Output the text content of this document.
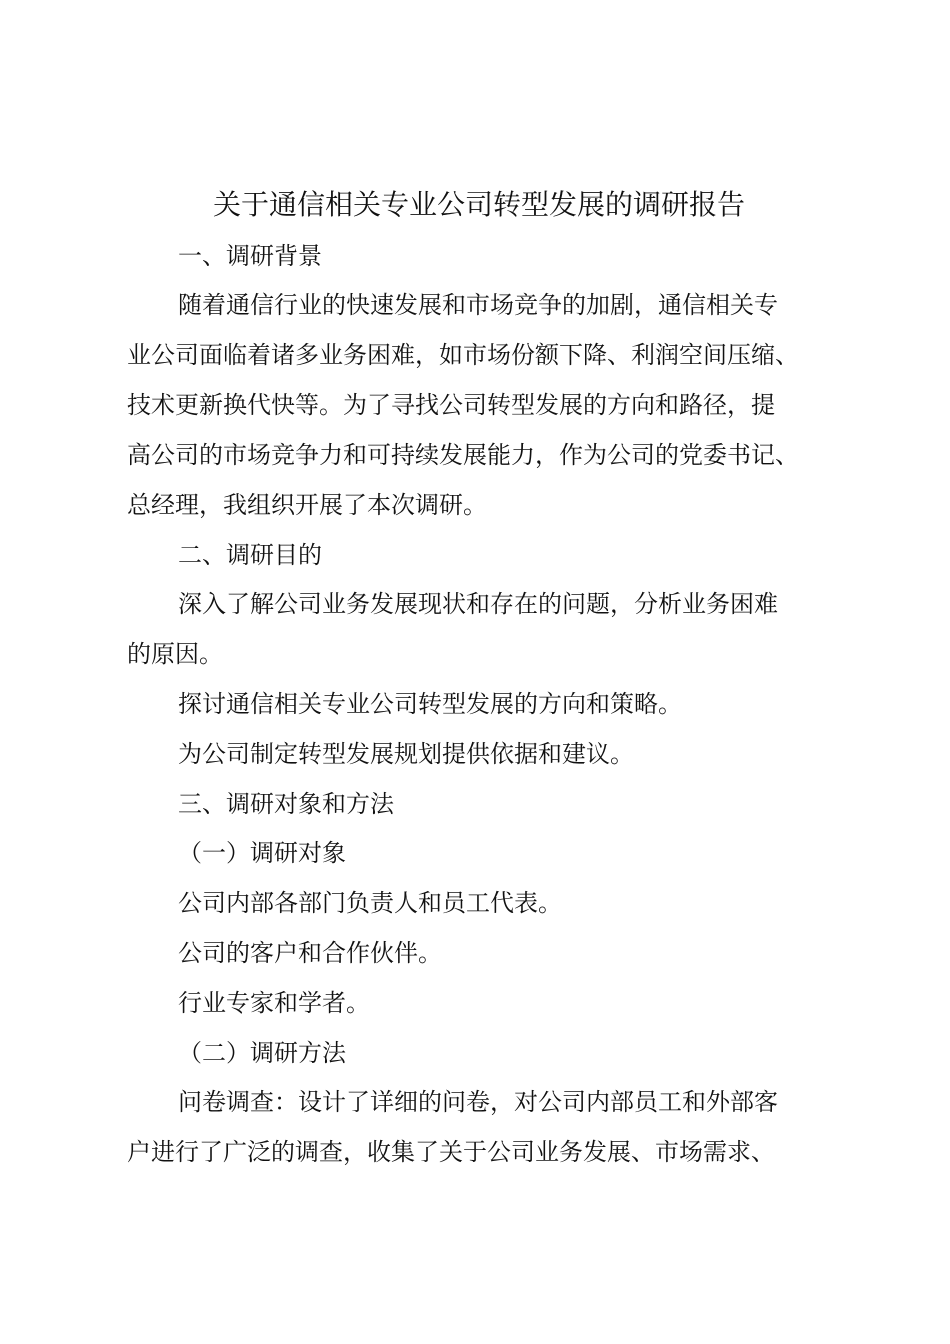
关于通信相关专业公司转型发展的调研报告

一、调研背景

随着通信行业的快速发展和市场竞争的加剧，通信相关专

业公司面临着诸多业务困难，如市场份额下降、利润空间压缩、

技术更新换代快等。为了寻找公司转型发展的方向和路径，提

高公司的市场竞争力和可持续发展能力，作为公司的党委书记、

总经理，我组织开展了本次调研。

二、调研目的

深入了解公司业务发展现状和存在的问题，分析业务困难

的原因。

探讨通信相关专业公司转型发展的方向和策略。

为公司制定转型发展规划提供依据和建议。

三、调研对象和方法

（一）调研对象

公司内部各部门负责人和员工代表。

公司的客户和合作伙伴。

行业专家和学者。

（二）调研方法

问卷调查：设计了详细的问卷，对公司内部员工和外部客

户进行了广泛的调查，收集了关于公司业务发展、市场需求、
